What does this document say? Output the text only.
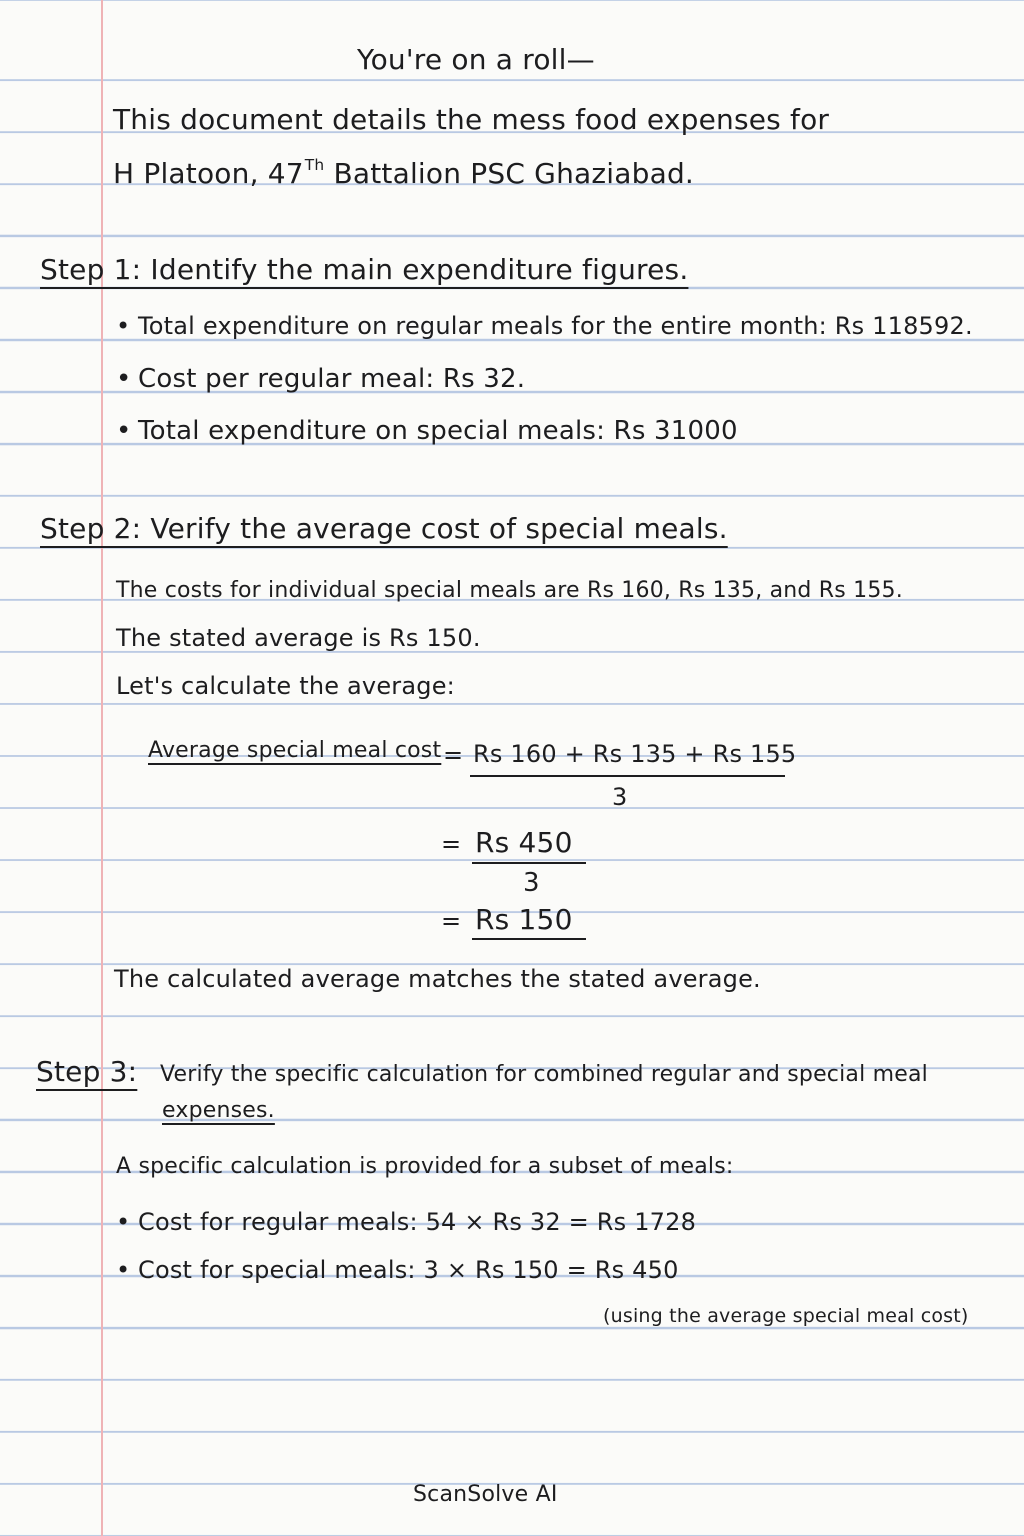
You're on a roll—

This document details the mess food expenses for

H Platoon, 47Th Battalion PSC Ghaziabad.

Step 1: Identify the main expenditure figures.

• Total expenditure on regular meals for the entire month: Rs 118592.

• Cost per regular meal: Rs 32.

• Total expenditure on special meals: Rs 31000

Step 2: Verify the average cost of special meals.

The costs for individual special meals are Rs 160, Rs 135, and Rs 155.

The stated average is Rs 150.

Let's calculate the average:

Average special meal cost = Rs 160 + Rs 135 + Rs 155

3

= Rs 450

3

= Rs 150

The calculated average matches the stated average.

Step 3: Verify the specific calculation for combined regular and special meal

expenses.

A specific calculation is provided for a subset of meals:

• Cost for regular meals: 54 × Rs 32 = Rs 1728

• Cost for special meals: 3 × Rs 150 = Rs 450

(using the average special meal cost)

ScanSolve AI
